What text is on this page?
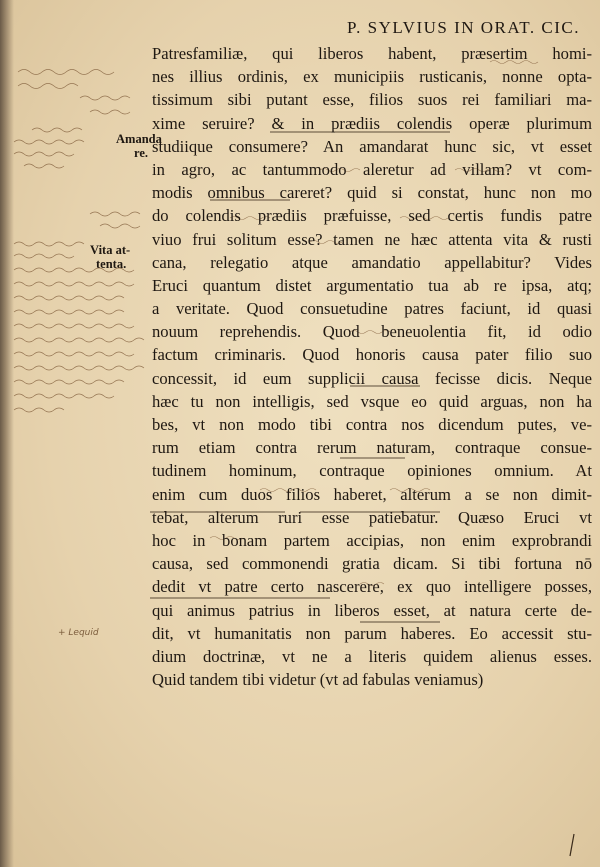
P. SYLVIUS IN ORAT. CIC.
Amanda
re.
Vita at-
tenta.
+ Lequid
Patresfamiliæ, qui liberos habent, præsertim homi-
nes illius ordinis, ex municipiis rusticanis, nonne opta-
tissimum sibi putant esse, filios suos rei familiari ma-
xime seruire? & in prædiis colendis operæ plurimum
studiique consumere? An amandarat hunc sic, vt esset
in agro, ac tantummodo aleretur ad villam? vt com-
modis omnibus careret? quid si constat, hunc non mo
do colendis prædiis præfuisse, sed certis fundis patre
viuo frui solitum esse? tamen ne hæc attenta vita & rusti
cana, relegatio atque amandatio appellabitur? Vides
Eruci quantum distet argumentatio tua ab re ipsa, atq;
a veritate. Quod consuetudine patres faciunt, id quasi
nouum reprehendis. Quod beneuolentia fit, id odio
factum criminaris. Quod honoris causa pater filio suo
concessit, id eum supplicii causa fecisse dicis. Neque
hæc tu non intelligis, sed vsque eo quid arguas, non ha
bes, vt non modo tibi contra nos dicendum putes, ve-
rum etiam contra rerum naturam, contraque consue-
tudinem hominum, contraque opiniones omnium. At
enim cum duos filios haberet, alterum a se non dimit-
tebat, alterum ruri esse patiebatur. Quæso Eruci vt
hoc in bonam partem accipias, non enim exprobrandi
causa, sed commonendi gratia dicam. Si tibi fortuna nō
dedit vt patre certo nascerere, ex quo intelligere posses,
qui animus patrius in liberos esset, at natura certe de-
dit, vt humanitatis non parum haberes. Eo accessit stu-
dium doctrinæ, vt ne a literis quidem alienus esses.
Quid tandem tibi videtur (vt ad fabulas veniamus)
